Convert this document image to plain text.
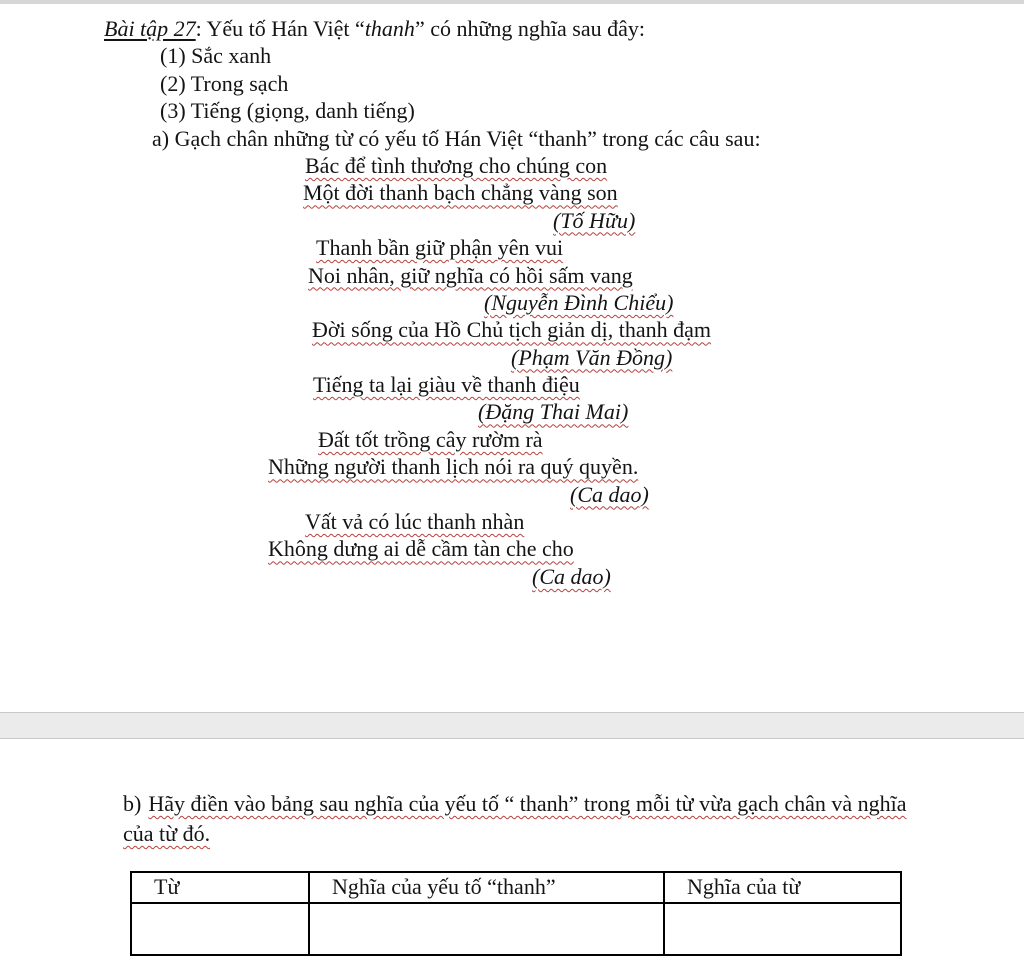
Bài tập 27: Yếu tố Hán Việt “thanh” có những nghĩa sau đây:
(1) Sắc xanh
(2) Trong sạch
(3) Tiếng (giọng, danh tiếng)
a) Gạch chân những từ có yếu tố Hán Việt “thanh” trong các câu sau:
Bác để tình thương cho chúng con
Một đời thanh bạch chẳng vàng son
(Tố Hữu)
Thanh bần giữ phận yên vui
Noi nhân, giữ nghĩa có hồi sấm vang
(Nguyễn Đình Chiểu)
Đời sống của Hồ Chủ tịch giản dị, thanh đạm
(Phạm Văn Đồng)
Tiếng ta lại giàu về thanh điệu
(Đặng Thai Mai)
Đất tốt trồng cây rườm rà
Những người thanh lịch nói ra quý quyền.
(Ca dao)
Vất vả có lúc thanh nhàn
Không dưng ai dễ cầm tàn che cho
(Ca dao)
b) Hãy điền vào bảng sau nghĩa của yếu tố “ thanh” trong mỗi từ vừa gạch chân và nghĩa
của từ đó.
Từ	Nghĩa của yếu tố “thanh”	Nghĩa của từ
